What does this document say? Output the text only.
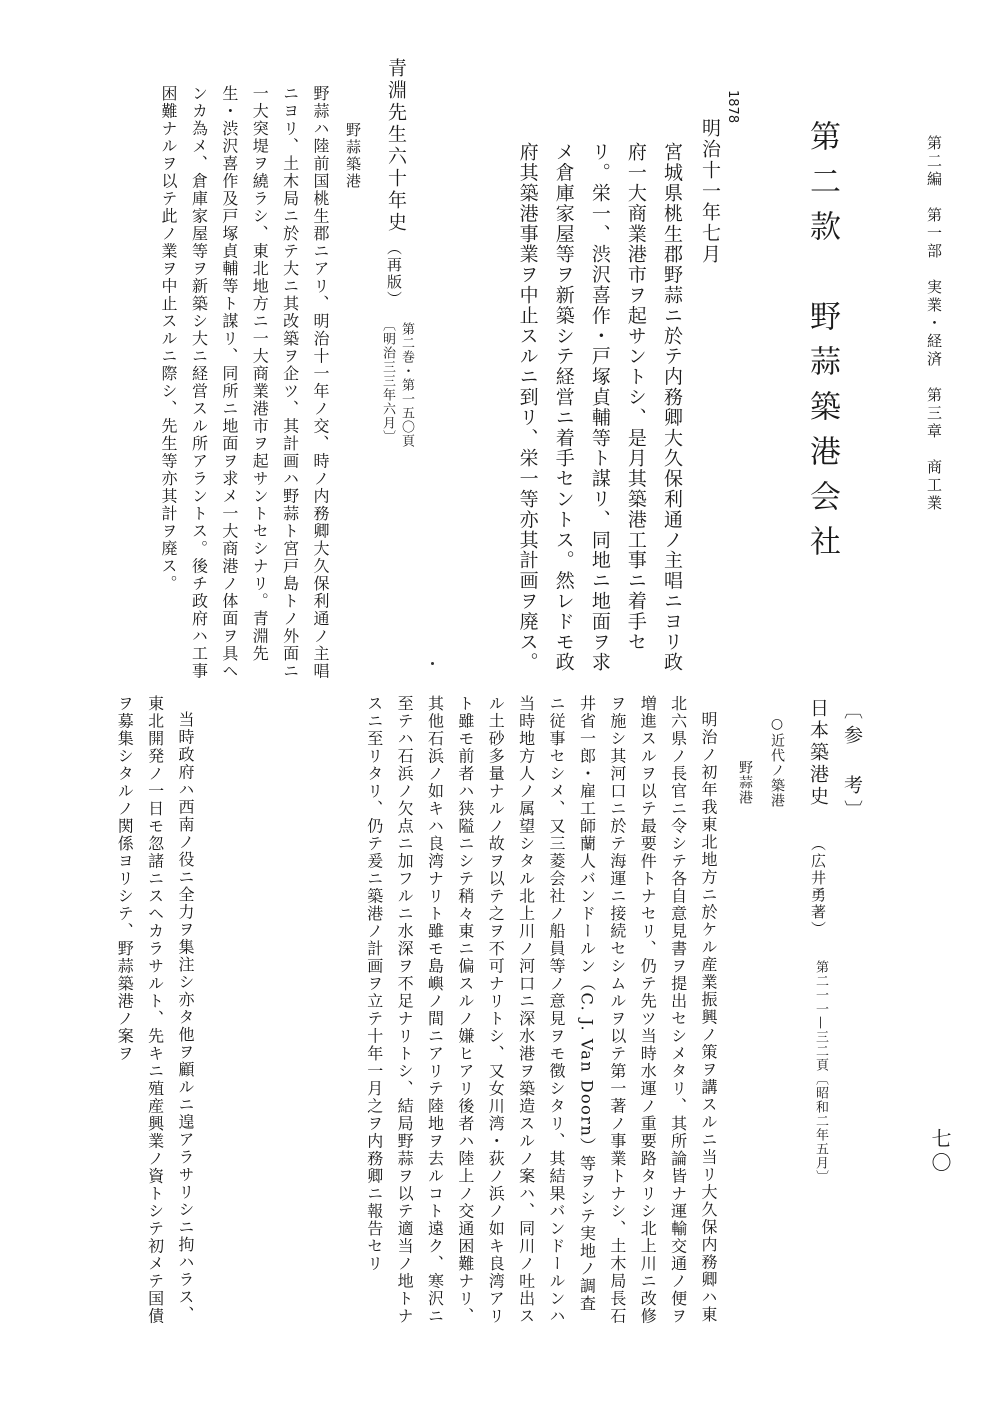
第二編　第一部　実業・経済　第三章　商工業
七〇
第二款　野蒜築港会社
1878
明治十一年七月
宮城県桃生郡野蒜ニ於テ内務卿大久保利通ノ主唱ニヨリ政府一大商業港市ヲ起サントシ、是月其築港工事ニ着手セリ。栄一、渋沢喜作・戸塚貞輔等ト謀リ、同地ニ地面ヲ求メ倉庫家屋等ヲ新築シテ経営ニ着手セントス。然レドモ政府其築港事業ヲ中止スルニ到リ、栄一等亦其計画ヲ廃ス。
青淵先生六十年史
（再版）
第二巻・第一五〇頁
〔明治三三年六月〕
野蒜築港
野蒜ハ陸前国桃生郡ニアリ、明治十一年ノ交、時ノ内務卿大久保利通ノ主唱ニヨリ、土木局ニ於テ大ニ其改築ヲ企ツ、其計画ハ野蒜ト宮戸島トノ外面ニ一大突堤ヲ繞ラシ、東北地方ニ一大商業港市ヲ起サントセシナリ。青淵先生・渋沢喜作及戸塚貞輔等ト謀リ、同所ニ地面ヲ求メ一大商港ノ体面ヲ具ヘンカ為メ、倉庫家屋等ヲ新築シ大ニ経営スル所アラントス。後チ政府ハ工事困難ナルヲ以テ此ノ業ヲ中止スルニ際シ、先生等亦其計ヲ廃ス。
〔参　考〕
日本築港史
（広井勇著）
第二一一—三二頁〔昭和二年五月〕
○近代ノ築港
野蒜港
明治ノ初年我東北地方ニ於ケル産業振興ノ策ヲ講スルニ当リ大久保内務卿ハ東北六県ノ長官ニ令シテ各自意見書ヲ提出セシメタリ、其所論皆ナ運輸交通ノ便ヲ増進スルヲ以テ最要件トナセリ、仍テ先ツ当時水運ノ重要路タリシ北上川ニ改修ヲ施シ其河口ニ於テ海運ニ接続セシムルヲ以テ第一著ノ事業トナシ、土木局長石井省一郎・雇工師蘭人バンドールン（C. J. Van Doorn）等ヲシテ実地ノ調査ニ従事セシメ、又三菱会社ノ船員等ノ意見ヲモ徴シタリ、其結果バンドールンハ当時地方人ノ属望シタル北上川ノ河口ニ深水港ヲ築造スルノ案ハ、同川ノ吐出スル土砂多量ナルノ故ヲ以テ之ヲ不可ナリトシ、又女川湾・荻ノ浜ノ如キ良湾アリト雖モ前者ハ狭隘ニシテ稍々東ニ偏スルノ嫌ヒアリ後者ハ陸上ノ交通困難ナリ、其他石浜ノ如キハ良湾ナリト雖モ島嶼ノ間ニアリテ陸地ヲ去ルコト遠ク、寒沢ニ至テハ石浜ノ欠点ニ加フルニ水深ヲ不足ナリトシ、結局野蒜ヲ以テ適当ノ地トナスニ至リタリ、仍テ爰ニ築港ノ計画ヲ立テ十年一月之ヲ内務卿ニ報告セリ
当時政府ハ西南ノ役ニ全力ヲ集注シ亦タ他ヲ顧ルニ遑アラサリシニ拘ハラス、東北開発ノ一日モ忽諸ニスヘカラサルト、先キニ殖産興業ノ資トシテ初メテ国債ヲ募集シタルノ関係ヨリシテ、野蒜築港ノ案ヲ
